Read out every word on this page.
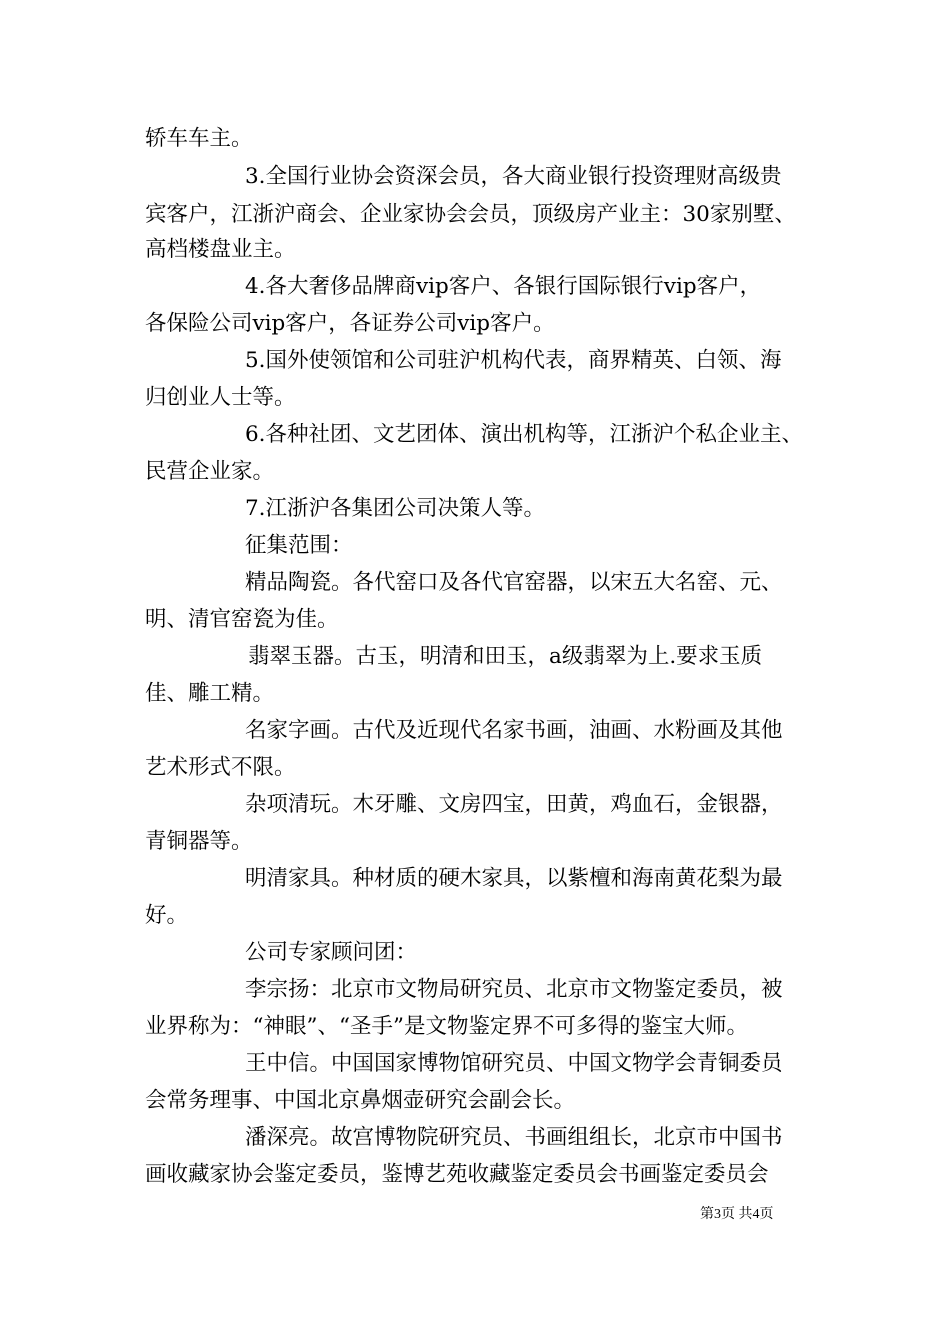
轿车车主。
3.全国行业协会资深会员，各大商业银行投资理财高级贵
宾客户，江浙沪商会、企业家协会会员，顶级房产业主：30家别墅、
高档楼盘业主。
4.各大奢侈品牌商vip客户、各银行国际银行vip客户，
各保险公司vip客户，各证券公司vip客户。
5.国外使领馆和公司驻沪机构代表，商界精英、白领、海
归创业人士等。
6.各种社团、文艺团体、演出机构等，江浙沪个私企业主、
民营企业家。
7.江浙沪各集团公司决策人等。
征集范围：
精品陶瓷。各代窑口及各代官窑器，以宋五大名窑、元、
明、清官窑瓷为佳。
翡翠玉器。古玉，明清和田玉，a级翡翠为上.要求玉质
佳、雕工精。
名家字画。古代及近现代名家书画，油画、水粉画及其他
艺术形式不限。
杂项清玩。木牙雕、文房四宝，田黄，鸡血石，金银器，
青铜器等。
明清家具。种材质的硬木家具，以紫檀和海南黄花梨为最
好。
公司专家顾问团：
李宗扬：北京市文物局研究员、北京市文物鉴定委员，被
业界称为：“神眼”、“圣手”是文物鉴定界不可多得的鉴宝大师。
王中信。中国国家博物馆研究员、中国文物学会青铜委员
会常务理事、中国北京鼻烟壶研究会副会长。
潘深亮。故宫博物院研究员、书画组组长，北京市中国书
画收藏家协会鉴定委员，鉴博艺苑收藏鉴定委员会书画鉴定委员会
第3页 共4页
